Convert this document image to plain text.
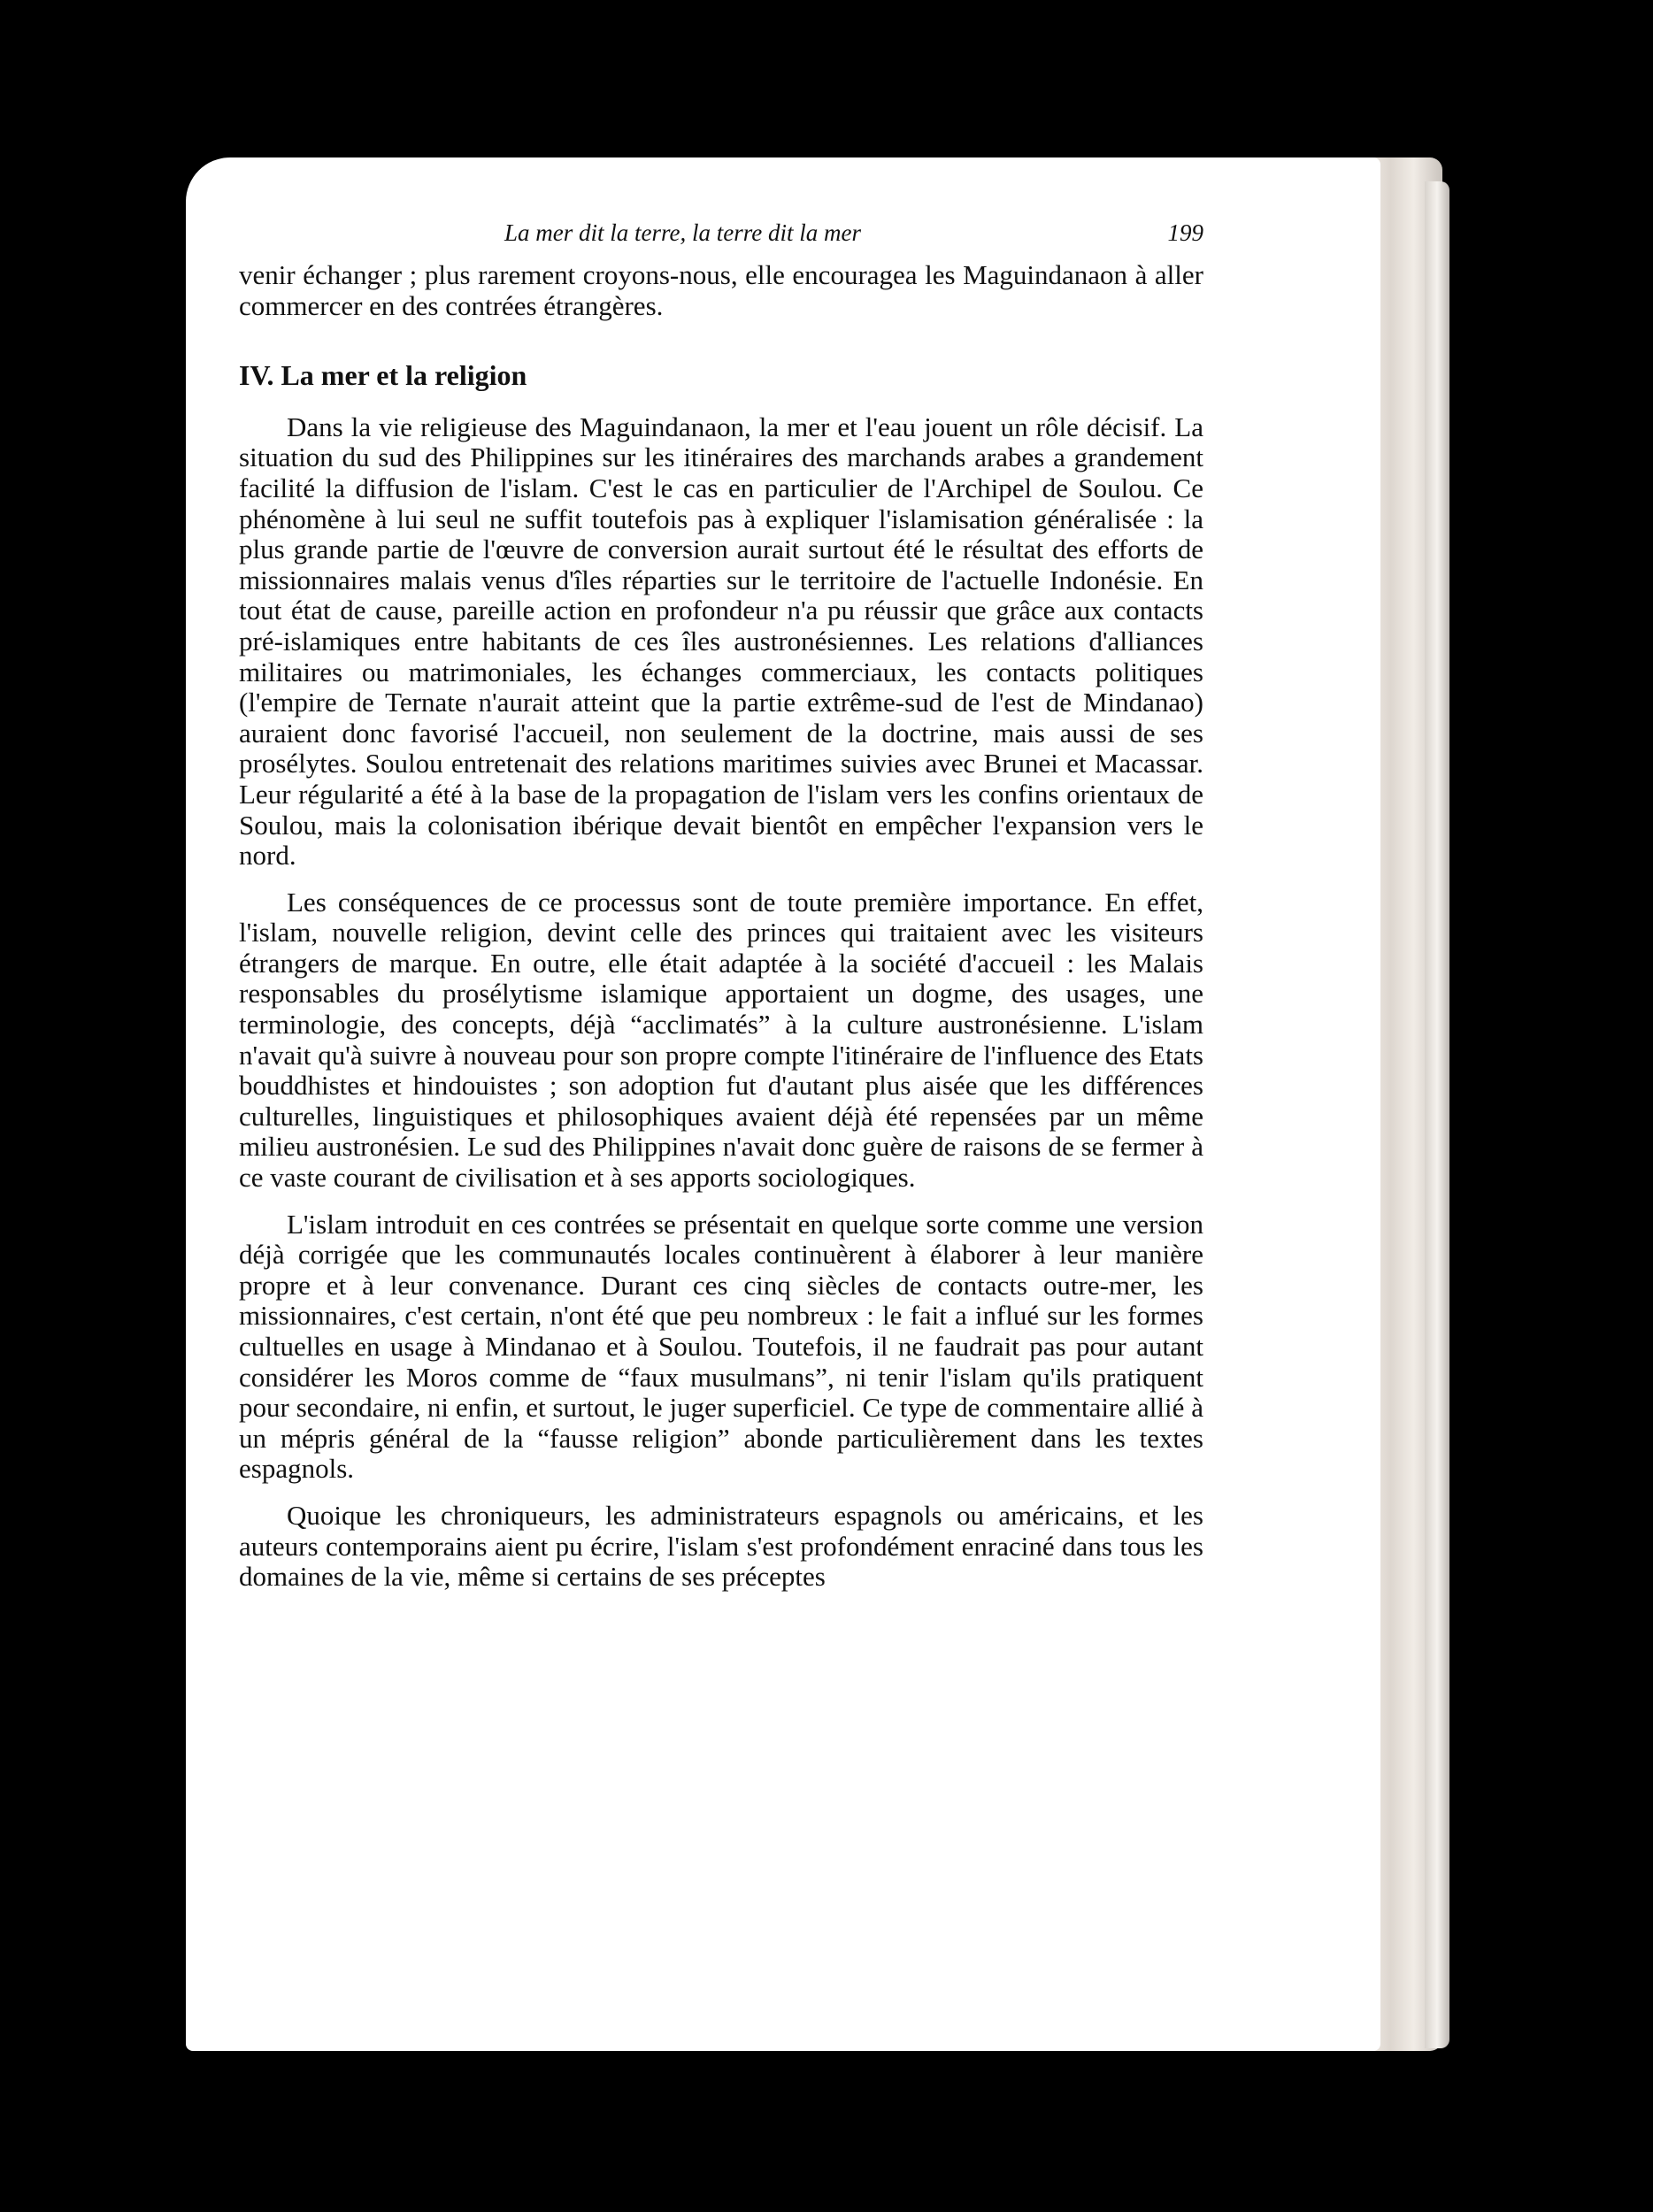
La mer dit la terre, la terre dit la mer	199

venir échanger ; plus rarement croyons-nous, elle encouragea les Maguindanaon à aller commercer en des contrées étrangères.

IV. La mer et la religion

Dans la vie religieuse des Maguindanaon, la mer et l'eau jouent un rôle décisif. La situation du sud des Philippines sur les itinéraires des marchands arabes a grandement facilité la diffusion de l'islam. C'est le cas en particulier de l'Archipel de Soulou. Ce phénomène à lui seul ne suffit toutefois pas à expliquer l'islamisation généralisée : la plus grande partie de l'œuvre de conversion aurait surtout été le résultat des efforts de missionnaires malais venus d'îles réparties sur le territoire de l'actuelle Indonésie. En tout état de cause, pareille action en profondeur n'a pu réussir que grâce aux contacts pré-islamiques entre habitants de ces îles austronésiennes. Les relations d'alliances militaires ou matrimoniales, les échanges commerciaux, les contacts politiques (l'empire de Ternate n'aurait atteint que la partie extrême-sud de l'est de Mindanao) auraient donc favorisé l'accueil, non seulement de la doctrine, mais aussi de ses prosélytes. Soulou entretenait des relations maritimes suivies avec Brunei et Macassar. Leur régularité a été à la base de la propagation de l'islam vers les confins orientaux de Soulou, mais la colonisation ibérique devait bientôt en empêcher l'expansion vers le nord.

Les conséquences de ce processus sont de toute première importance. En effet, l'islam, nouvelle religion, devint celle des princes qui traitaient avec les visiteurs étrangers de marque. En outre, elle était adaptée à la société d'accueil : les Malais responsables du prosélytisme islamique apportaient un dogme, des usages, une terminologie, des concepts, déjà “acclimatés” à la culture austronésienne. L'islam n'avait qu'à suivre à nouveau pour son propre compte l'itinéraire de l'influence des Etats bouddhistes et hindouistes ; son adoption fut d'autant plus aisée que les différences culturelles, linguistiques et philosophiques avaient déjà été repensées par un même milieu austronésien. Le sud des Philippines n'avait donc guère de raisons de se fermer à ce vaste courant de civilisation et à ses apports sociologiques.

L'islam introduit en ces contrées se présentait en quelque sorte comme une version déjà corrigée que les communautés locales continuèrent à élaborer à leur manière propre et à leur convenance. Durant ces cinq siècles de contacts outre-mer, les missionnaires, c'est certain, n'ont été que peu nombreux : le fait a influé sur les formes cultuelles en usage à Mindanao et à Soulou. Toutefois, il ne faudrait pas pour autant considérer les Moros comme de “faux musulmans”, ni tenir l'islam qu'ils pratiquent pour secondaire, ni enfin, et surtout, le juger superficiel. Ce type de commentaire allié à un mépris général de la “fausse religion” abonde particulièrement dans les textes espagnols.

Quoique les chroniqueurs, les administrateurs espagnols ou américains, et les auteurs contemporains aient pu écrire, l'islam s'est profondément enraciné dans tous les domaines de la vie, même si certains de ses préceptes
